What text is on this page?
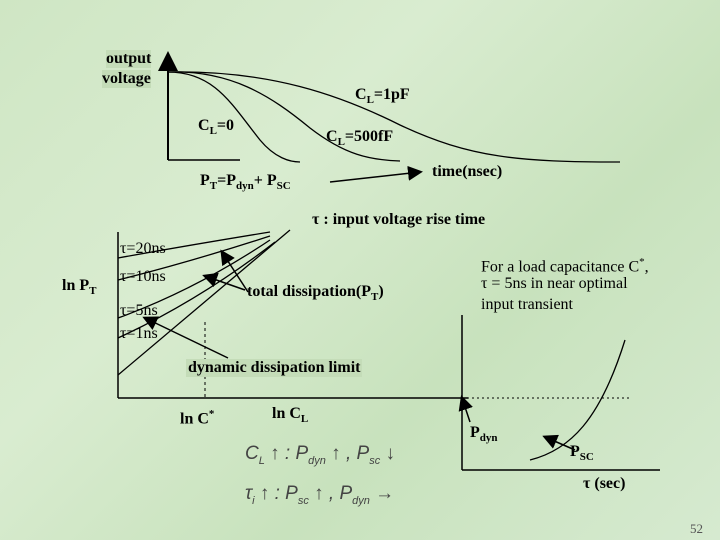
output
voltage
$C_L=1pF$
$C_L=0$
$C_L=500fF$
time(nsec)
$P_T=P_{dyn}+ P_{SC}$
τ : input voltage rise time
τ=20ns
τ=10ns
τ=5ns
τ=1ns
$\ln P_T$	total $dissipation(P_T)$
dynamic dissipation limit
ln C*	$\ln C_L$
For a load capacitance C*,
τ = 5ns in near optimal
input transient
$P_{dyn}$
$P_{SC}$
τ (sec)
$C_L$ ↑ : $P_{dyn}$ ↑ , $P_{sc}$ ↓
$\tau_i$ ↑ : $P_{sc}$ ↑ , $P_{dyn}$ →
52
